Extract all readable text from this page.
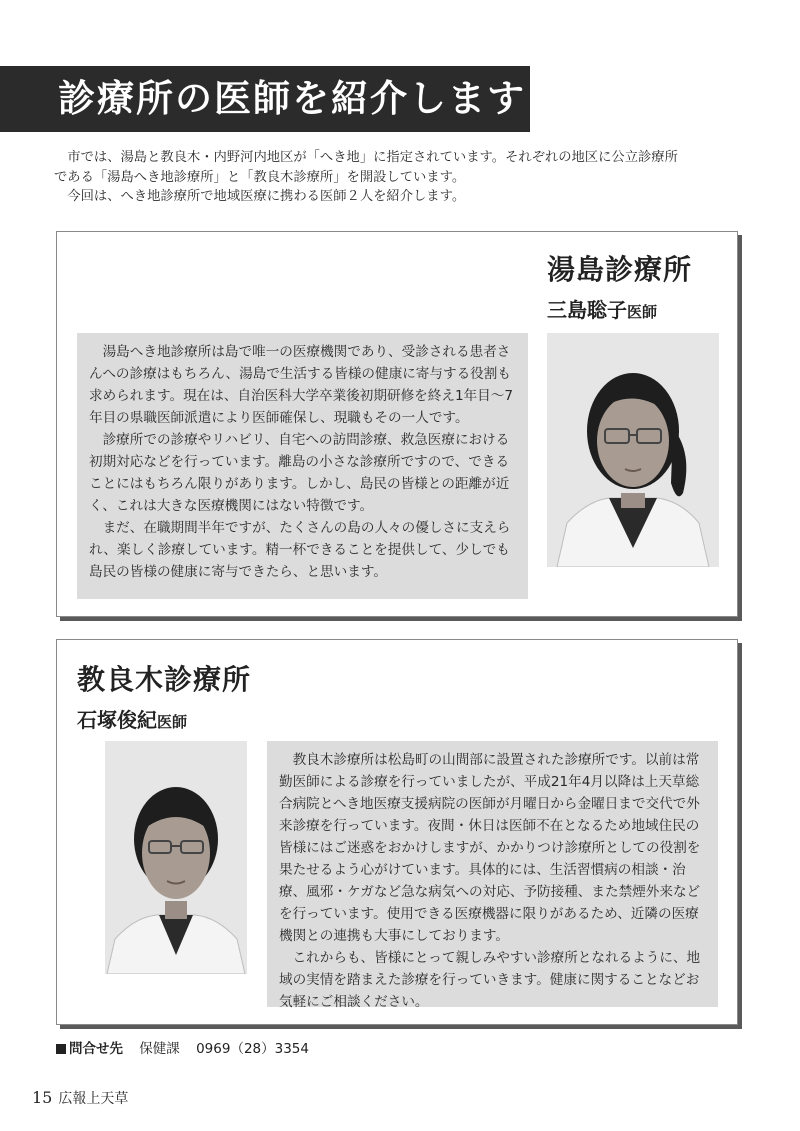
診療所の医師を紹介します

市では、湯島と教良木・内野河内地区が「へき地」に指定されています。それぞれの地区に公立診療所

である「湯島へき地診療所」と「教良木診療所」を開設しています。

今回は、へき地診療所で地域医療に携わる医師２人を紹介します。

湯島診療所
三島聡子医師

湯島へき地診療所は島で唯一の医療機関であり、受診される患者さんへの診療はもちろん、湯島で生活する皆様の健康に寄与する役割も求められます。現在は、自治医科大学卒業後初期研修を終え1年目〜7年目の県職医師派遣により医師確保し、現職もその一人です。

診療所での診療やリハビリ、自宅への訪問診療、救急医療における初期対応などを行っています。離島の小さな診療所ですので、できることにはもちろん限りがあります。しかし、島民の皆様との距離が近く、これは大きな医療機関にはない特徴です。

まだ、在職期間半年ですが、たくさんの島の人々の優しさに支えられ、楽しく診療しています。精一杯できることを提供して、少しでも島民の皆様の健康に寄与できたら、と思います。

教良木診療所
石塚俊紀医師

教良木診療所は松島町の山間部に設置された診療所です。以前は常勤医師による診療を行っていましたが、平成21年4月以降は上天草総合病院とへき地医療支援病院の医師が月曜日から金曜日まで交代で外来診療を行っています。夜間・休日は医師不在となるため地域住民の皆様にはご迷惑をおかけしますが、かかりつけ診療所としての役割を果たせるよう心がけています。具体的には、生活習慣病の相談・治療、風邪・ケガなど急な病気への対応、予防接種、また禁煙外来などを行っています。使用できる医療機器に限りがあるため、近隣の医療機関との連携も大事にしております。

これからも、皆様にとって親しみやすい診療所となれるように、地域の実情を踏まえた診療を行っていきます。健康に関することなどお気軽にご相談ください。

問合せ先 保健課 0969（28）3354
15 広報上天草
